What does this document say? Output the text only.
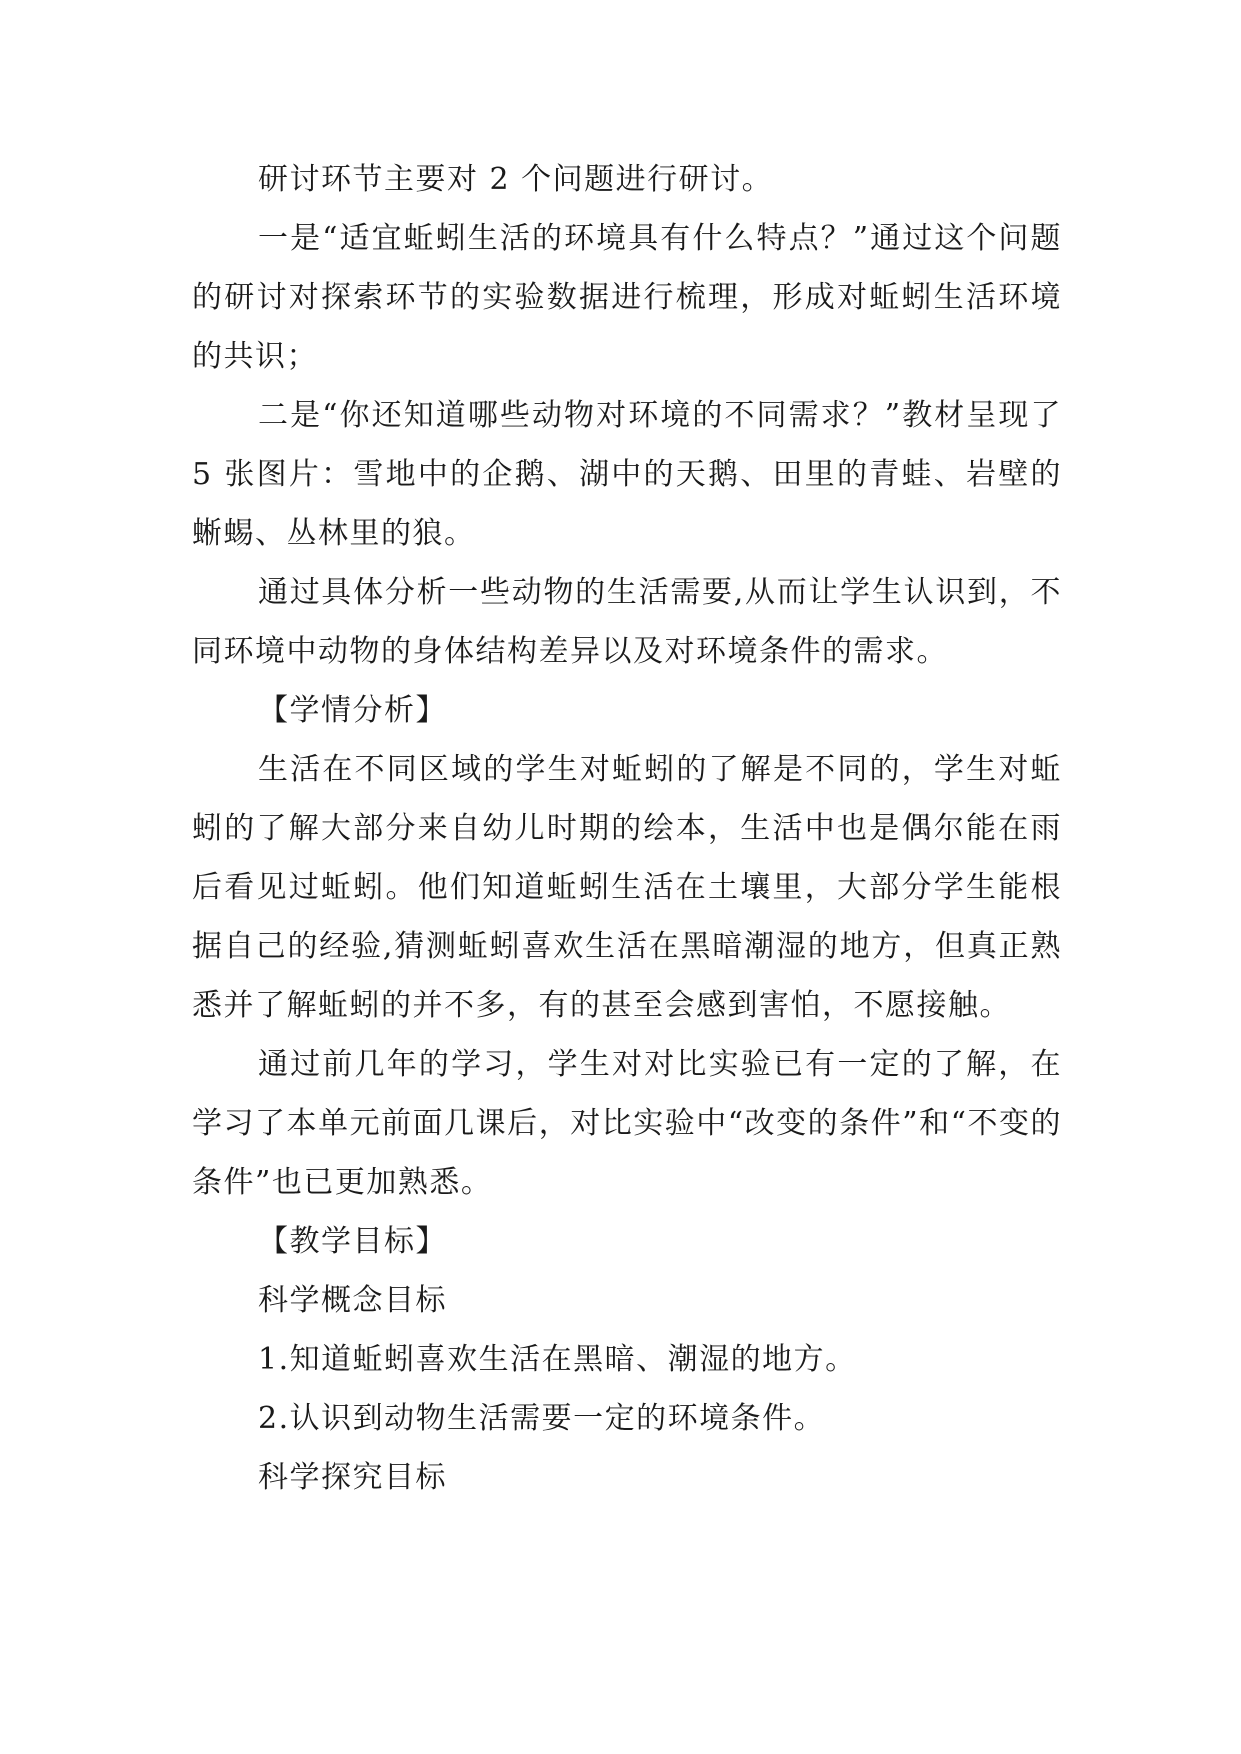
研讨环节主要对 2 个问题进行研讨。

一是“适宜蚯蚓生活的环境具有什么特点？”通过这个问题的研讨对探索环节的实验数据进行梳理，形成对蚯蚓生活环境的共识；

二是“你还知道哪些动物对环境的不同需求？”教材呈现了 5 张图片：雪地中的企鹅、湖中的天鹅、田里的青蛙、岩壁的蜥蜴、丛林里的狼。

通过具体分析一些动物的生活需要,从而让学生认识到，不同环境中动物的身体结构差异以及对环境条件的需求。

【学情分析】

生活在不同区域的学生对蚯蚓的了解是不同的，学生对蚯蚓的了解大部分来自幼儿时期的绘本，生活中也是偶尔能在雨后看见过蚯蚓。他们知道蚯蚓生活在土壤里，大部分学生能根据自己的经验,猜测蚯蚓喜欢生活在黑暗潮湿的地方，但真正熟悉并了解蚯蚓的并不多，有的甚至会感到害怕，不愿接触。

通过前几年的学习，学生对对比实验已有一定的了解，在学习了本单元前面几课后，对比实验中“改变的条件”和“不变的条件”也已更加熟悉。

【教学目标】

科学概念目标

1.知道蚯蚓喜欢生活在黑暗、潮湿的地方。

2.认识到动物生活需要一定的环境条件。

科学探究目标
